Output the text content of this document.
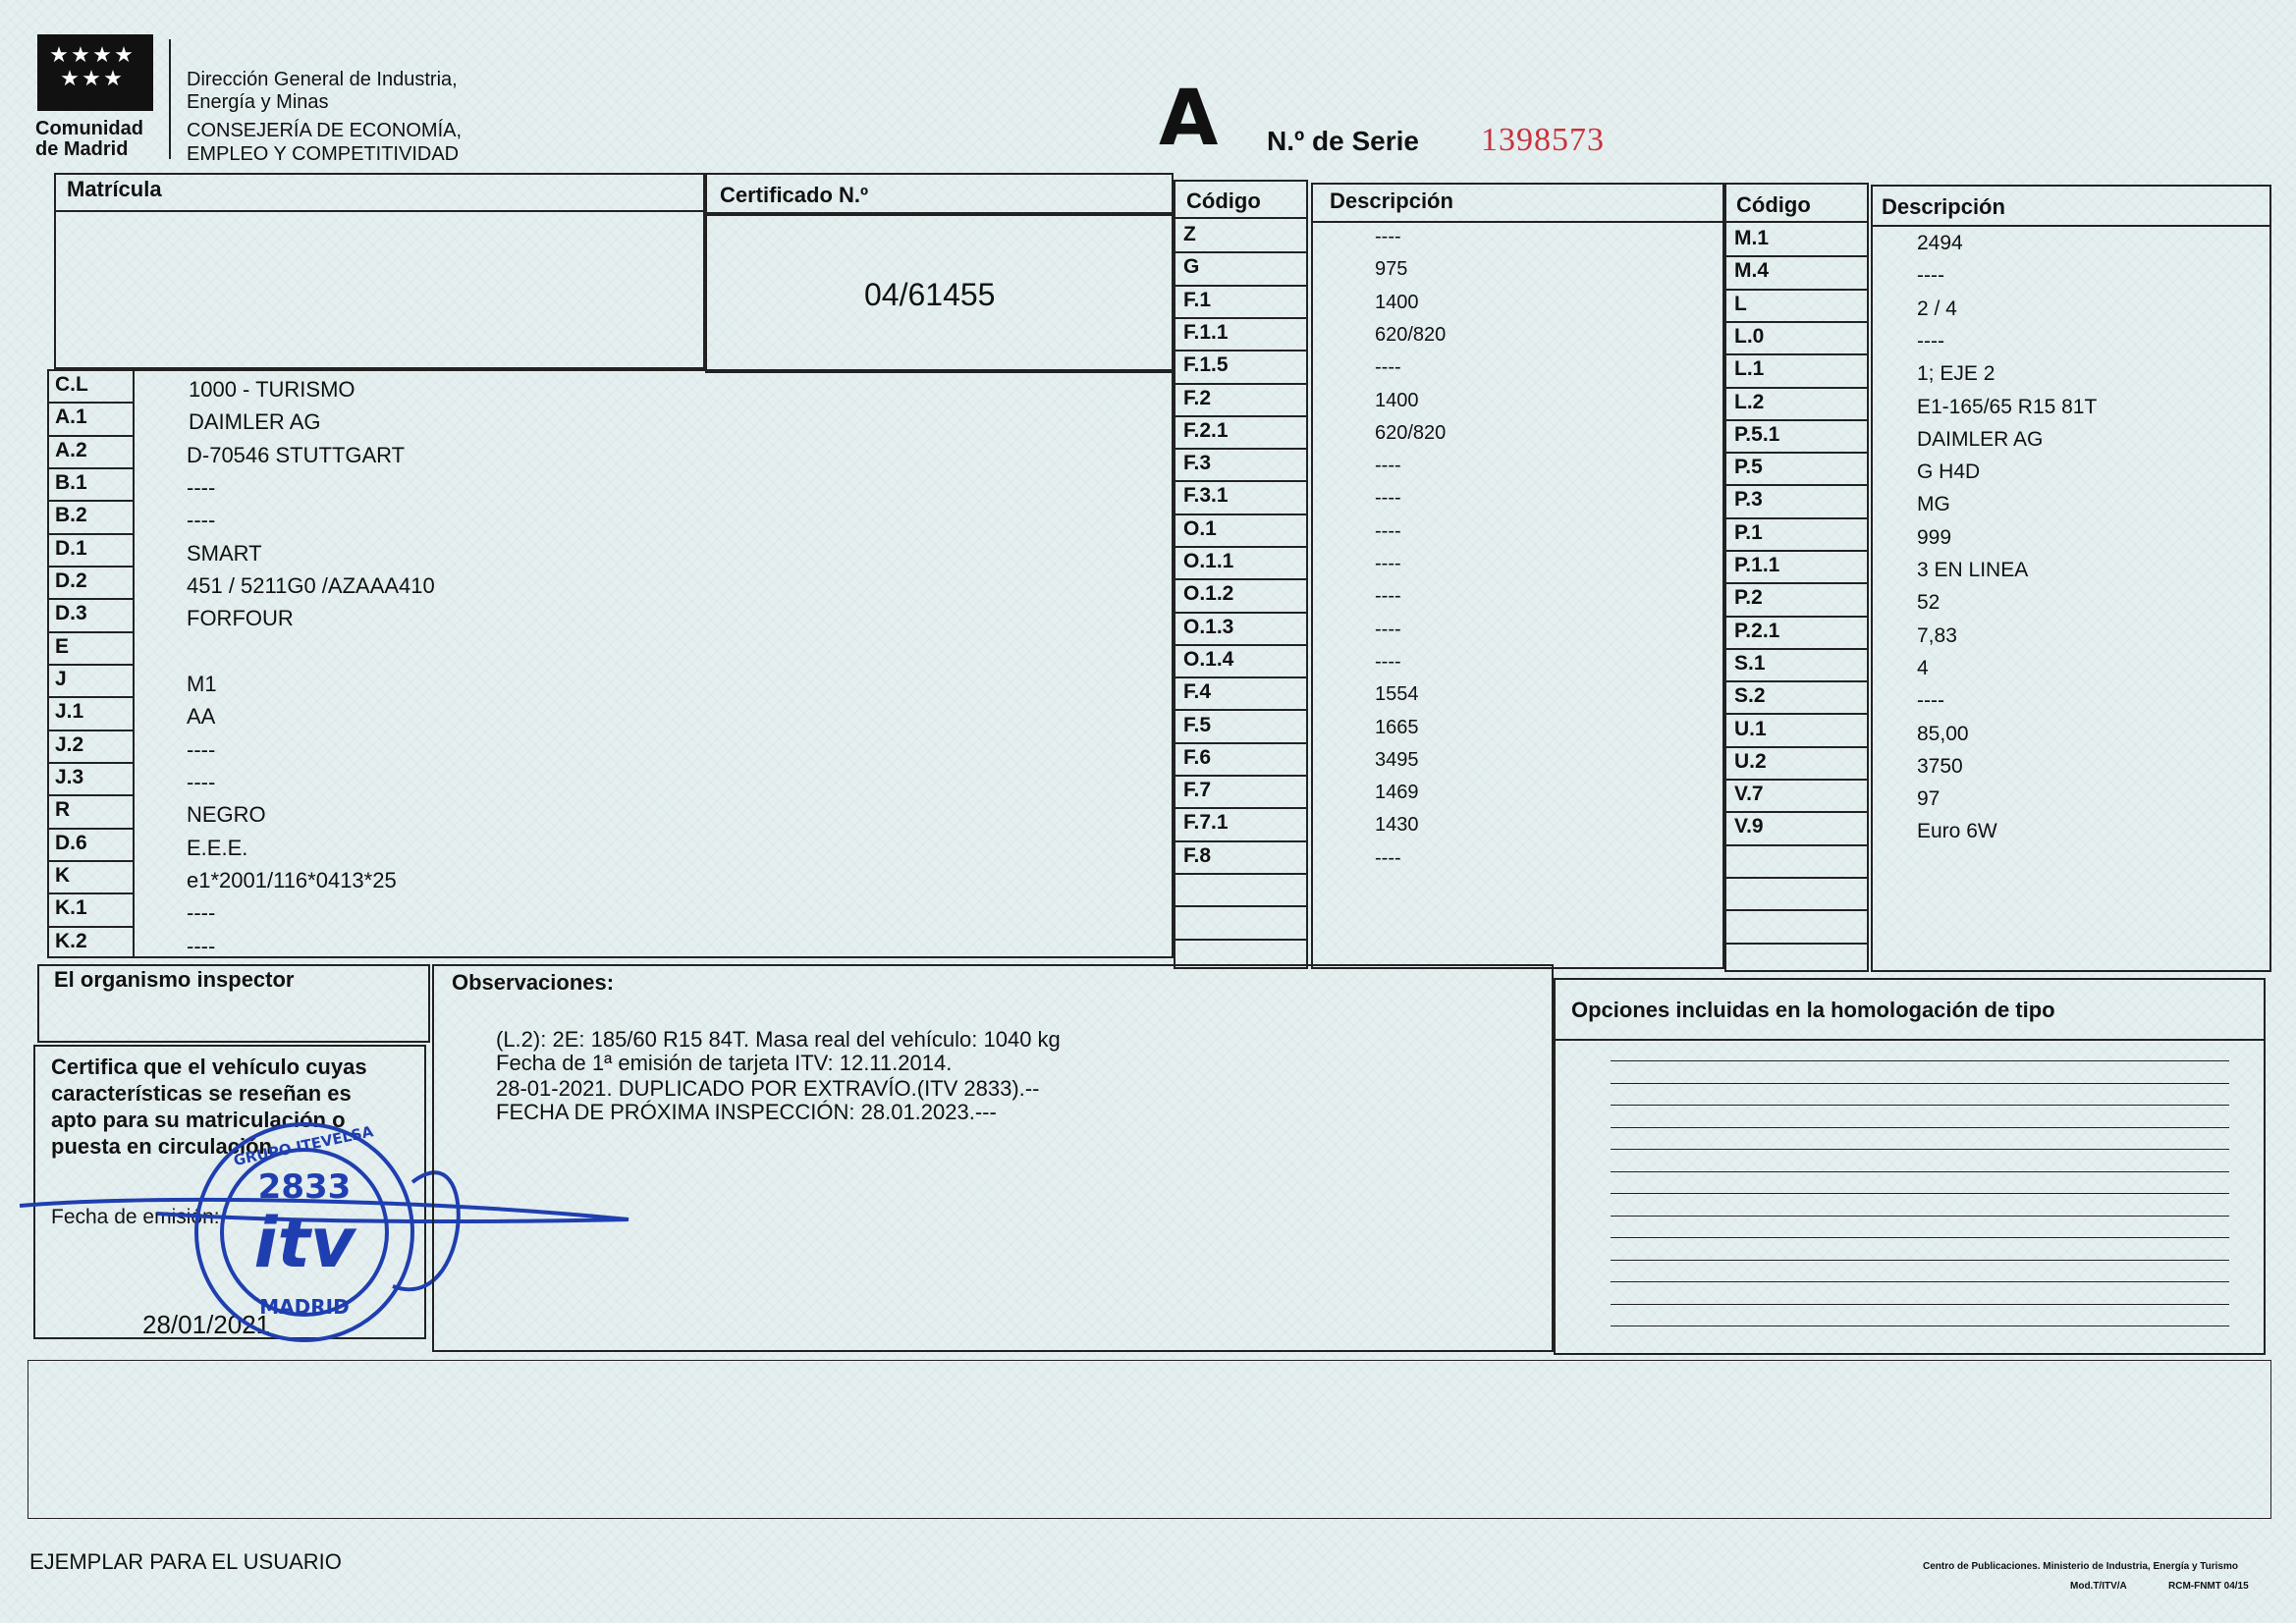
★ ★ ★ ★
★ ★ ★
Comunidad
de Madrid
Dirección General de Industria,
Energía y Minas
CONSEJERÍA DE ECONOMÍA,
EMPLEO Y COMPETITIVIDAD	A N.º de Serie 1398573
Matrícula	Certificado N.º
04/61455
C.L	1000 - TURISMO
A.1	DAIMLER AG
A.2	D-70546 STUTTGART
B.1	----
B.2	----
D.1	SMART
D.2	451 / 5211G0 /AZAAA410
D.3	FORFOUR
E
J	M1
J.1	AA
J.2	----
J.3	----
R	NEGRO
D.6	E.E.E.
K	e1*2001/116*0413*25
K.1	----
K.2	----
Código	Descripción
Z	----
G	975
F.1	1400
F.1.1	620/820
F.1.5	----
F.2	1400
F.2.1	620/820
F.3	----
F.3.1	----
O.1	----
O.1.1	----
O.1.2	----
O.1.3	----
O.1.4	----
F.4	1554
F.5	1665
F.6	3495
F.7	1469
F.7.1	1430
F.8	----
Código	Descripción
M.1	2494
M.4	----
L	2 / 4
L.0	----
L.1	1; EJE 2
L.2	E1-165/65 R15 81T
P.5.1	DAIMLER AG
P.5	G H4D
P.3	MG
P.1	999
P.1.1	3 EN LINEA
P.2	52
P.2.1	7,83
S.1	4
S.2	----
U.1	85,00
U.2	3750
V.7	97
V.9	Euro 6W
El organismo inspector
Certifica que el vehículo cuyas
características se reseñan es
apto para su matriculación o
puesta en circulación
Fecha de emisión:
28/01/2021
2833
itv
MADRID
GRUPO ITEVELSA
Observaciones:
(L.2): 2E: 185/60 R15 84T. Masa real del vehículo: 1040 kg
Fecha de 1ª emisión de tarjeta ITV: 12.11.2014.
28-01-2021. DUPLICADO POR EXTRAVÍO.(ITV 2833).--
FECHA DE PRÓXIMA INSPECCIÓN: 28.01.2023.---
Opciones incluidas en la homologación de tipo
EJEMPLAR PARA EL USUARIO	Centro de Publicaciones. Ministerio de Industria, Energía y Turismo
Mod.T/ITV/A	RCM-FNMT 04/15
